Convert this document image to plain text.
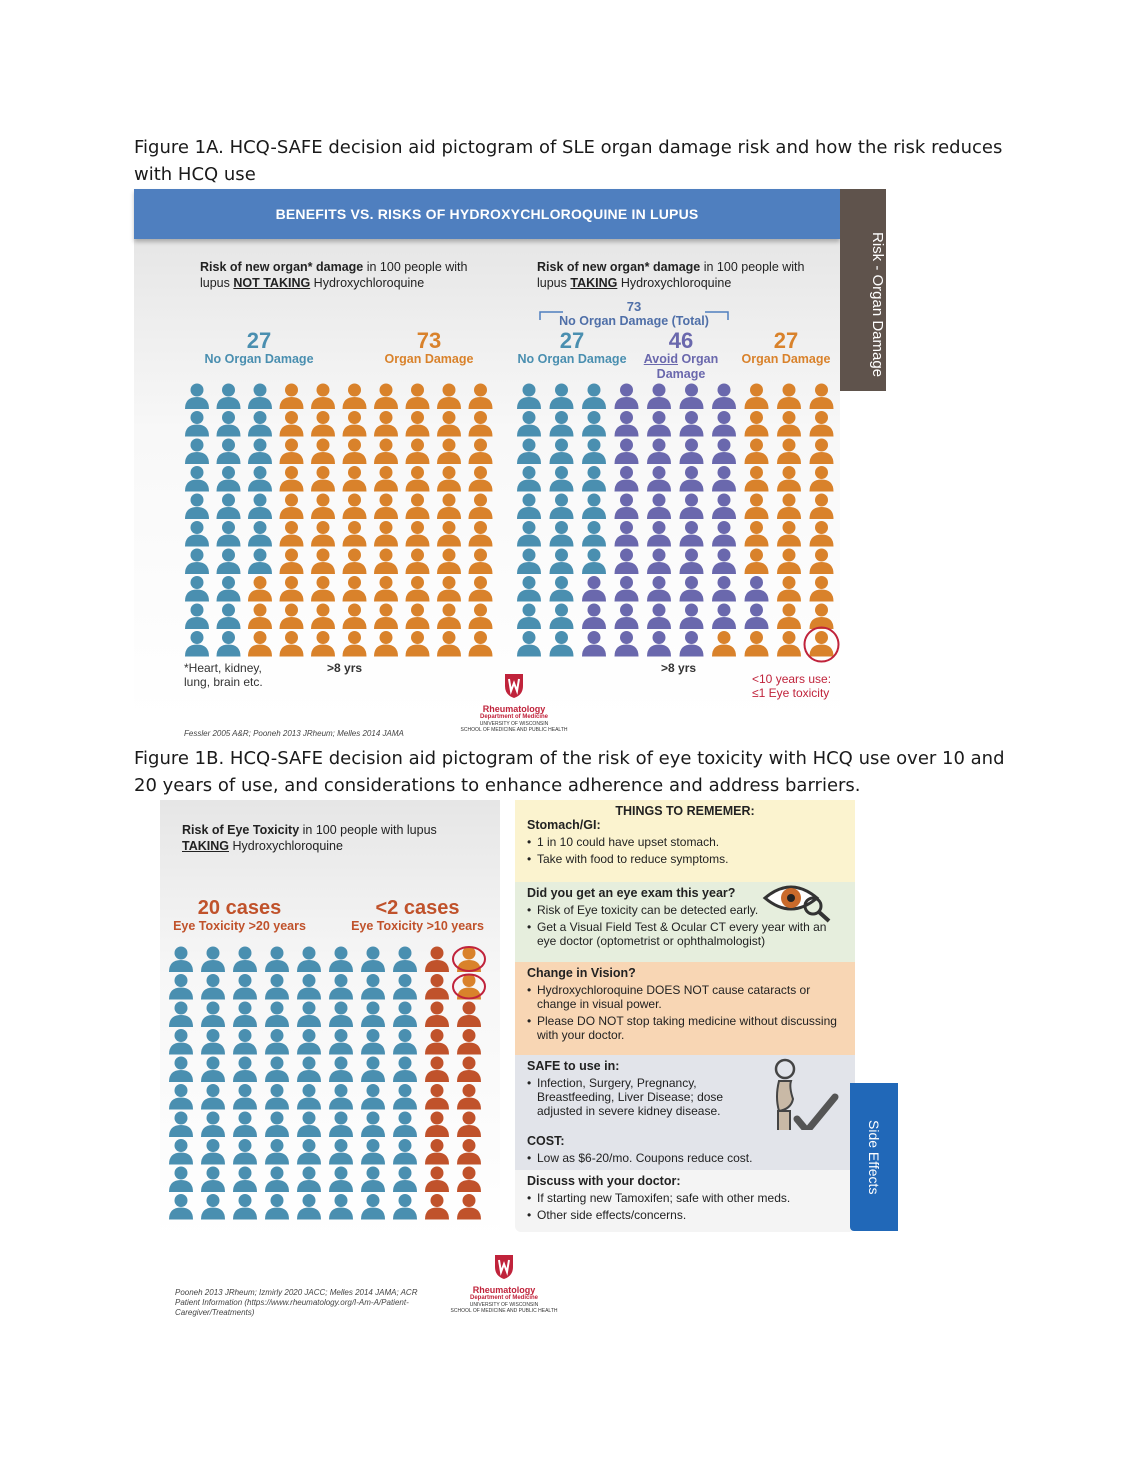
Figure 1A. HCQ-SAFE decision aid pictogram of SLE organ damage risk and how the risk reduces with HCQ use
BENEFITS VS. RISKS OF HYDROXYCHLOROQUINE IN LUPUS
Risk - Organ Damage
Risk of new organ* damage in 100 people with lupus NOT TAKING Hydroxychloroquine
27
No Organ Damage
73
Organ Damage
Risk of new organ* damage in 100 people with lupus TAKING Hydroxychloroquine
73
No Organ Damage (Total)
27
No Organ Damage
46
Avoid Organ Damage
27
Organ Damage
*Heart, kidney, lung, brain etc.
>8 yrs	>8 yrs
<10 years use:
≤1 Eye toxicity
Rheumatology
Department of Medicine
UNIVERSITY OF WISCONSIN
SCHOOL OF MEDICINE AND PUBLIC HEALTH
Fessler 2005 A&R; Pooneh 2013 JRheum; Melles 2014 JAMA
Figure 1B. HCQ-SAFE decision aid pictogram of the risk of eye toxicity with HCQ use over 10 and 20 years of use, and considerations to enhance adherence and address barriers.
Risk of Eye Toxicity in 100 people with lupus TAKING Hydroxychloroquine
20 cases
Eye Toxicity >20 years
<2 cases
Eye Toxicity >10 years
THINGS TO REMEMER:
Stomach/GI:
• 1 in 10 could have upset stomach.
• Take with food to reduce symptoms.
Did you get an eye exam this year?
• Risk of Eye toxicity can be detected early.
• Get a Visual Field Test & Ocular CT every year with an eye doctor (optometrist or ophthalmologist)
Change in Vision?
• Hydroxychloroquine DOES NOT cause cataracts or change in visual power.
• Please DO NOT stop taking medicine without discussing with your doctor.
SAFE to use in:
• Infection, Surgery, Pregnancy, Breastfeeding, Liver Disease; dose adjusted in severe kidney disease.
COST:
• Low as $6-20/mo. Coupons reduce cost.
Discuss with your doctor:
• If starting new Tamoxifen; safe with other meds.
• Other side effects/concerns.
Side Effects
Pooneh 2013 JRheum; Izmirly 2020 JACC; Melles 2014 JAMA; ACR Patient Information (https://www.rheumatology.org/I-Am-A/Patient-Caregiver/Treatments)
Rheumatology
Department of Medicine
UNIVERSITY OF WISCONSIN
SCHOOL OF MEDICINE AND PUBLIC HEALTH
